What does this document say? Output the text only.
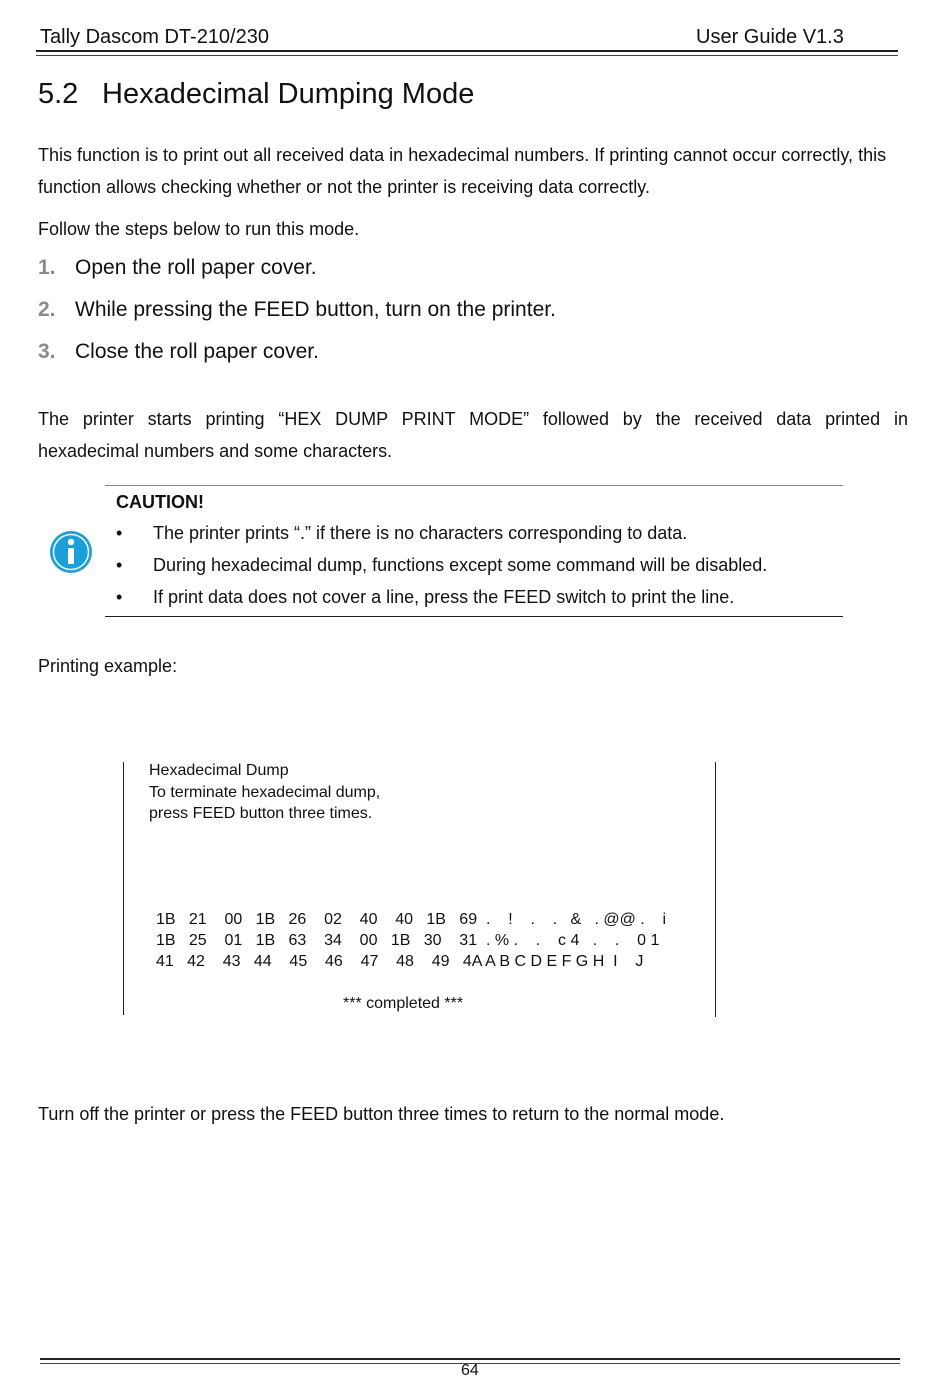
Tally Dascom DT-210/230	User Guide V1.3
5.2 Hexadecimal Dumping Mode
This function is to print out all received data in hexadecimal numbers. If printing cannot occur correctly, this function allows checking whether or not the printer is receiving data correctly.
Follow the steps below to run this mode.
1. Open the roll paper cover.
2. While pressing the FEED button, turn on the printer.
3. Close the roll paper cover.
The printer starts printing “HEX DUMP PRINT MODE” followed by the received data printed in
hexadecimal numbers and some characters.
CAUTION!
• The printer prints “.” if there is no characters corresponding to data.
• During hexadecimal dump, functions except some command will be disabled.
• If print data does not cover a line, press the FEED switch to print the line.
Printing example:
Hexadecimal Dump
To terminate hexadecimal dump,
press FEED button three times.
1B   21    00   1B   26    02    40    40   1B   69  .    !    .    .   &   . @@ .    i
1B   25    01   1B   63    34    00   1B   30    31  . % .    .    c 4   .    .    0 1
41   42    43   44    45    46    47    48    49   4A A B C D E F G H  I    J
*** completed ***
Turn off the printer or press the FEED button three times to return to the normal mode.
64
